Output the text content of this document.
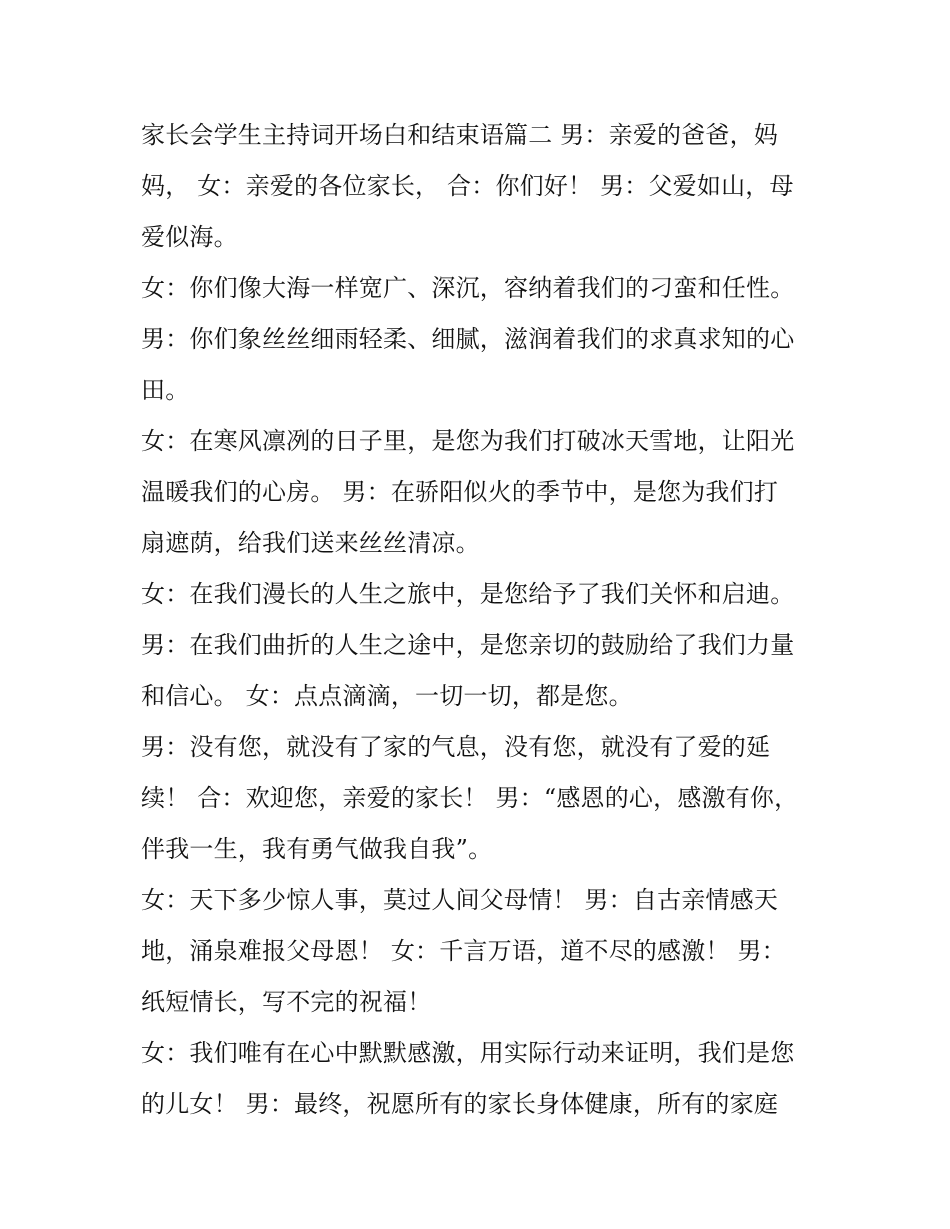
家长会学生主持词开场白和结束语篇二 男：亲爱的爸爸，妈
妈， 女：亲爱的各位家长， 合：你们好！ 男：父爱如山，母
爱似海。
女：你们像大海一样宽广、深沉，容纳着我们的刁蛮和任性。
男：你们象丝丝细雨轻柔、细腻，滋润着我们的求真求知的心
田。
女：在寒风凛冽的日子里，是您为我们打破冰天雪地，让阳光
温暖我们的心房。 男：在骄阳似火的季节中，是您为我们打
扇遮荫，给我们送来丝丝清凉。
女：在我们漫长的人生之旅中，是您给予了我们关怀和启迪。
男：在我们曲折的人生之途中，是您亲切的鼓励给了我们力量
和信心。 女：点点滴滴，一切一切，都是您。
男：没有您，就没有了家的气息，没有您，就没有了爱的延
续！ 合：欢迎您，亲爱的家长！ 男：“感恩的心，感激有你，
伴我一生，我有勇气做我自我”。
女：天下多少惊人事，莫过人间父母情！ 男：自古亲情感天
地，涌泉难报父母恩！ 女：千言万语，道不尽的感激！ 男：
纸短情长，写不完的祝福！
女：我们唯有在心中默默感激，用实际行动来证明，我们是您
的儿女！ 男：最终，祝愿所有的家长身体健康，所有的家庭
